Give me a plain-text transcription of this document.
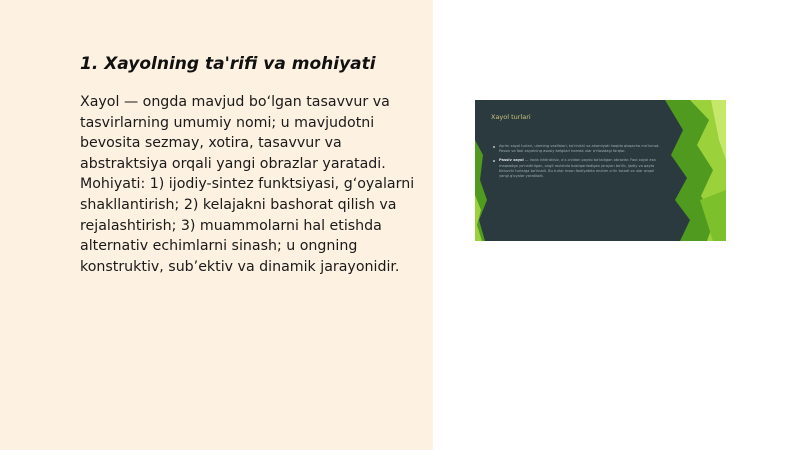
1. Xayolning ta'rifi va mohiyati

Xayol — ongda mavjud bo‘lgan tasavvur va tasvirlarning umumiy nomi; u mavjudotni bevosita sezmay, xotira, tasavvur va abstraktsiya orqali yangi obrazlar yaratadi. Mohiyati: 1) ijodiy-sintez funktsiyasi, g‘oyalarni shakllantirish; 2) kelajakni bashorat qilish va rejalashtirish; 3) muammolarni hal etishda alternativ echimlarni sinash; u ongning konstruktiv, sub’ektiv va dinamik jarayonidir.

Xayol turlari
Ayrim xayol turlari, ularning vazifalari, ko'rinishi va ahamiyati haqida qisqacha ma'lumot. Passiv va faol xayolning asosiy belgilari hamda ular o'rtasidagi farqlar.
Passiv xayol — iroda ishtirokisiz, o'z-o'zidan paydo bo'ladigan obrazlar. Faol xayol esa maqsadga yo'naltirilgan, ongli ravishda boshqariladigan jarayon bo'lib, ijodiy va qayta tiklovchi turlarga bo'linadi. Bu turlar inson faoliyatida muhim o'rin tutadi va ular orqali yangi g'oyalar yaratiladi.
